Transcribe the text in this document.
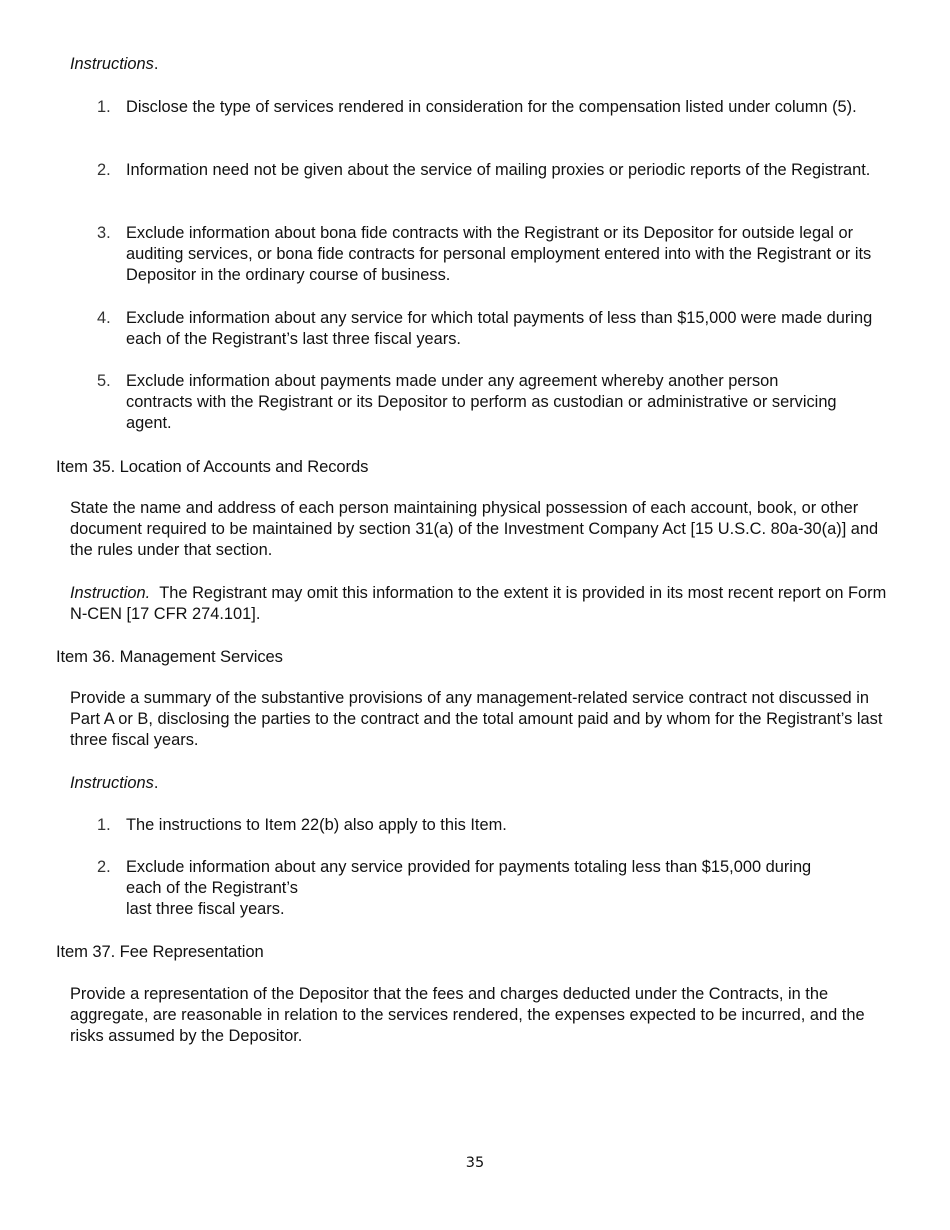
Instructions.

1. Disclose the type of services rendered in consideration for the compensation listed under column (5).
2. Information need not be given about the service of mailing proxies or periodic reports of the Registrant.
3. Exclude information about bona fide contracts with the Registrant or its Depositor for outside legal or auditing services, or bona fide contracts for personal employment entered into with the Registrant or its Depositor in the ordinary course of business.
4. Exclude information about any service for which total payments of less than $15,000 were made during each of the Registrant’s last three fiscal years.
5. Exclude information about payments made under any agreement whereby another person contracts with the Registrant or its Depositor to perform as custodian or administrative or servicing agent.
Item 35. Location of Accounts and Records

State the name and address of each person maintaining physical possession of each account, book, or other document required to be maintained by section 31(a) of the Investment Company Act [15 U.S.C. 80a-30(a)] and the rules under that section.

Instruction. The Registrant may omit this information to the extent it is provided in its most recent report on Form N-CEN [17 CFR 274.101].

Item 36. Management Services

Provide a summary of the substantive provisions of any management-related service contract not discussed in Part A or B, disclosing the parties to the contract and the total amount paid and by whom for the Registrant’s last three fiscal years.

Instructions.

1. The instructions to Item 22(b) also apply to this Item.
2. Exclude information about any service provided for payments totaling less than $15,000 during
each of the Registrant’s
last three fiscal years.
Item 37. Fee Representation

Provide a representation of the Depositor that the fees and charges deducted under the Contracts, in the aggregate, are reasonable in relation to the services rendered, the expenses expected to be incurred, and the risks assumed by the Depositor.

35
